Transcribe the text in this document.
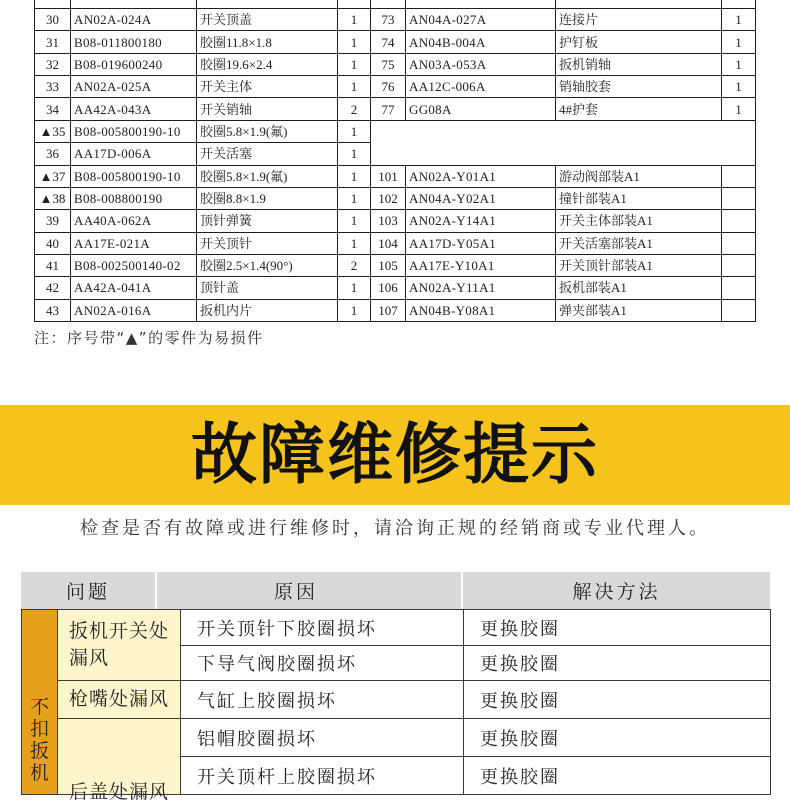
30	AN02A-024A	开关顶盖	1	73	AN04A-027A	连接片	1
31	B08-011800180	胶圈11.8×1.8	1	74	AN04B-004A	护钉板	1
32	B08-019600240	胶圈19.6×2.4	1	75	AN03A-053A	扳机销轴	1
33	AN02A-025A	开关主体	1	76	AA12C-006A	销轴胶套	1
34	AA42A-043A	开关销轴	2	77	GG08A	4#护套	1
▲35	B08-005800190-10	胶圈5.8×1.9(氟)	1				
36	AA17D-006A	开关活塞	1				
▲37	B08-005800190-10	胶圈5.8×1.9(氟)	1	101	AN02A-Y01A1	游动阀部装A1	
▲38	B08-008800190	胶圈8.8×1.9	1	102	AN04A-Y02A1	撞针部装A1	
39	AA40A-062A	顶针弹簧	1	103	AN02A-Y14A1	开关主体部装A1	
40	AA17E-021A	开关顶针	1	104	AA17D-Y05A1	开关活塞部装A1	
41	B08-002500140-02	胶圈2.5×1.4(90°)	2	105	AA17E-Y10A1	开关顶针部装A1	
42	AA42A-041A	顶针盖	1	106	AN02A-Y11A1	扳机部装A1	
43	AN02A-016A	扳机内片	1	107	AN04B-Y08A1	弹夹部装A1	
注：序号带“▲”的零件为易损件
故障维修提示
检查是否有故障或进行维修时，请洽询正规的经销商或专业代理人。
问题	原因	解决方法
不扣扳机	扳机开关处漏风	开关顶针下胶圈损坏	更换胶圈
		下导气阀胶圈损坏	更换胶圈
	枪嘴处漏风	气缸上胶圈损坏	更换胶圈

	后盖处漏风	铝帽胶圈损坏	更换胶圈
		开关顶杆上胶圈损坏	更换胶圈
